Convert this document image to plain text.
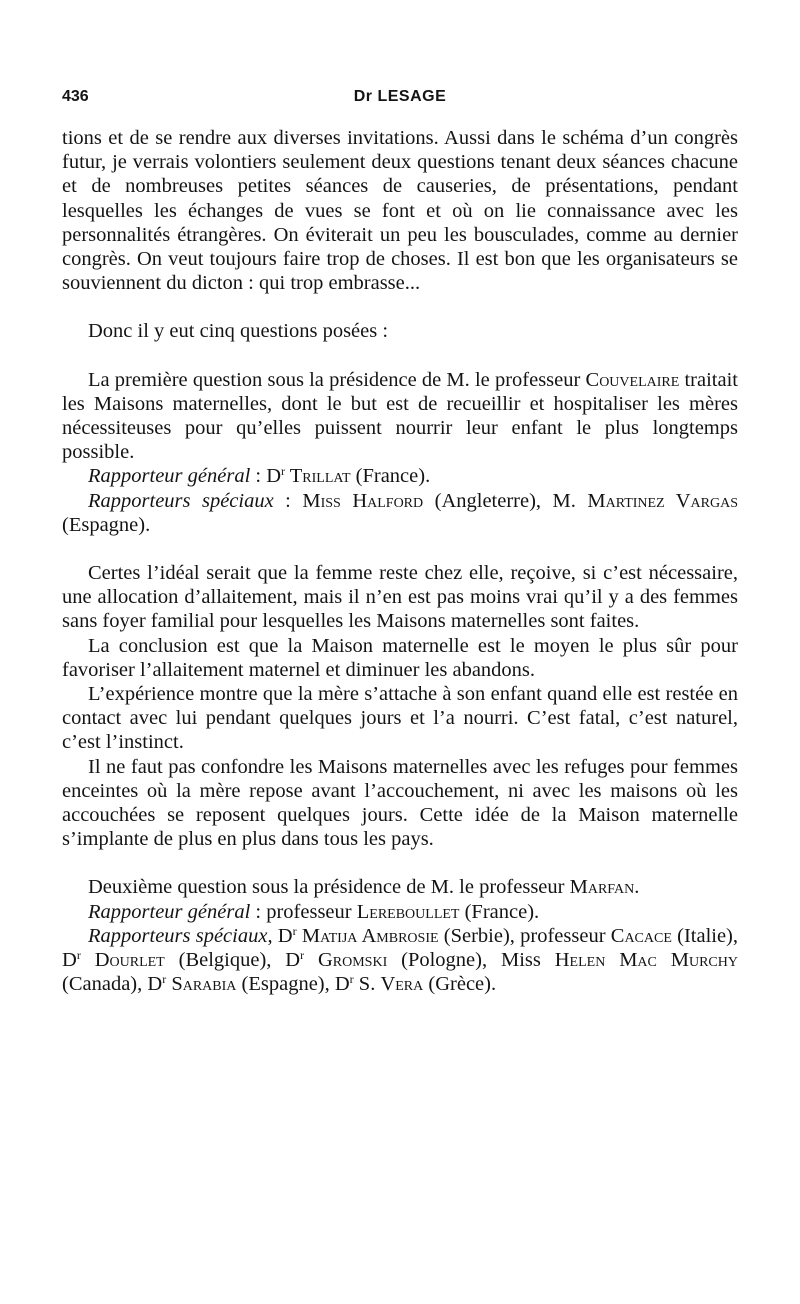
436	Dr LESAGE

tions et de se rendre aux diverses invitations. Aussi dans le schéma d’un congrès futur, je verrais volontiers seulement deux questions tenant deux séances chacune et de nombreuses petites séances de causeries, de présentations, pendant lesquelles les échanges de vues se font et où on lie connaissance avec les personnalités étrangères. On éviterait un peu les bousculades, comme au dernier congrès. On veut toujours faire trop de choses. Il est bon que les organisateurs se souviennent du dicton : qui trop embrasse...

Donc il y eut cinq questions posées :

La première question sous la présidence de M. le professeur Couvelaire traitait les Maisons maternelles, dont le but est de recueillir et hospitaliser les mères nécessiteuses pour qu’elles puissent nourrir leur enfant le plus longtemps possible.

Rapporteur général : $D^r$ Trillat (France).

Rapporteurs spéciaux : Miss Halford (Angleterre), M. Martinez Vargas (Espagne).

Certes l’idéal serait que la femme reste chez elle, reçoive, si c’est nécessaire, une allocation d’allaitement, mais il n’en est pas moins vrai qu’il y a des femmes sans foyer familial pour lesquelles les Maisons maternelles sont faites.

La conclusion est que la Maison maternelle est le moyen le plus sûr pour favoriser l’allaitement maternel et diminuer les abandons.

L’expérience montre que la mère s’attache à son enfant quand elle est restée en contact avec lui pendant quelques jours et l’a nourri. C’est fatal, c’est naturel, c’est l’instinct.

Il ne faut pas confondre les Maisons maternelles avec les refuges pour femmes enceintes où la mère repose avant l’accouchement, ni avec les maisons où les accouchées se reposent quelques jours. Cette idée de la Maison maternelle s’implante de plus en plus dans tous les pays.

Deuxième question sous la présidence de M. le professeur Marfan.

Rapporteur général : professeur Lereboullet (France).

Rapporteurs spéciaux, $D^r$ Matija Ambrosie (Serbie), professeur Cacace (Italie), $D^r$ Dourlet (Belgique), $D^r$ Gromski (Pologne), Miss Helen Mac Murchy (Canada), $D^r$ Sarabia (Espagne), $D^r$ S. Vera (Grèce).
